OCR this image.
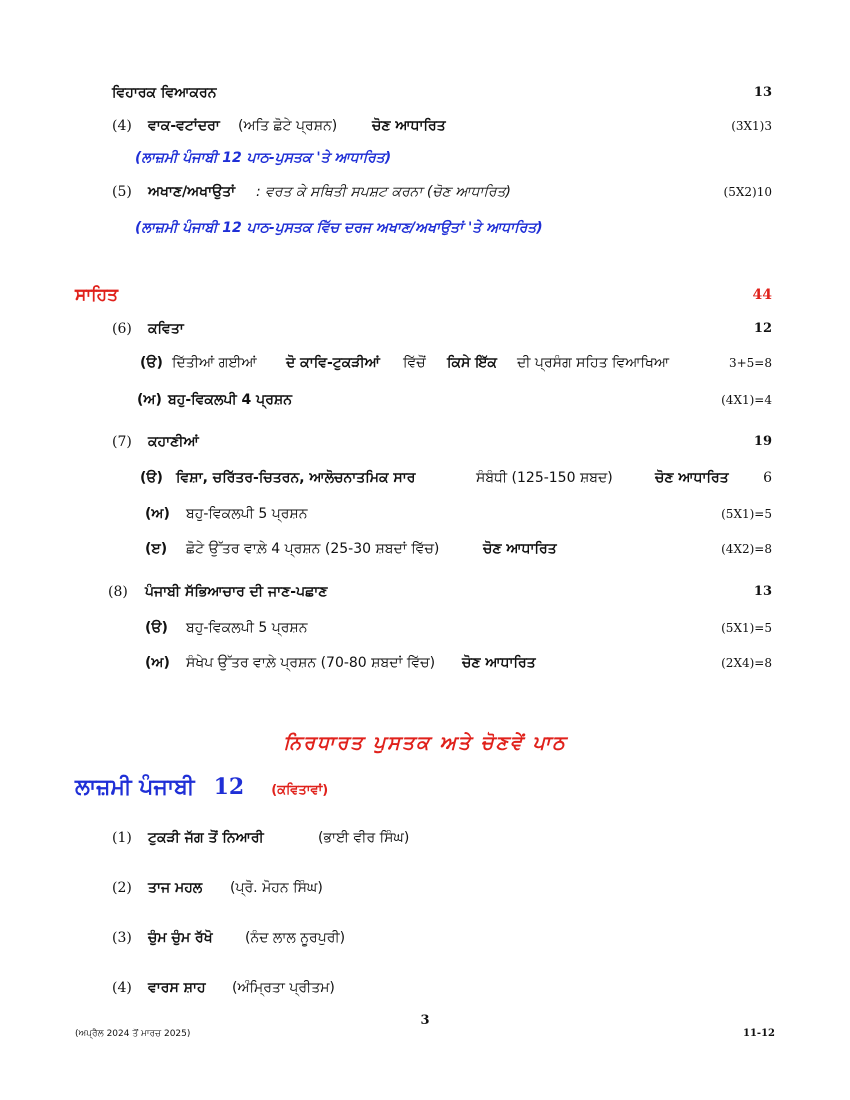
ਵਿਹਾਰਕ ਵਿਆਕਰਨ	13
(4) ਵਾਕ-ਵਟਾਂਦਰਾ (ਅਤਿ ਛੋਟੇ ਪ੍ਰਸ਼ਨ) ਚੋਣ ਆਧਾਰਿਤ	(3X1)3
(ਲਾਜ਼ਮੀ ਪੰਜਾਬੀ 12 ਪਾਠ-ਪੁਸਤਕ 'ਤੇ ਆਧਾਰਿਤ)
(5) ਅਖਾਣ/ਅਖਾਉਤਾਂ : ਵਰਤ ਕੇ ਸਥਿਤੀ ਸਪਸ਼ਟ ਕਰਨਾ (ਚੋਣ ਆਧਾਰਿਤ)	(5X2)10
(ਲਾਜ਼ਮੀ ਪੰਜਾਬੀ 12 ਪਾਠ-ਪੁਸਤਕ ਵਿੱਚ ਦਰਜ ਅਖਾਣ/ਅਖਾਉਤਾਂ 'ਤੇ ਆਧਾਰਿਤ)
ਸਾਹਿਤ	44
(6) ਕਵਿਤਾ	12
(ੳ) ਦਿੱਤੀਆਂ ਗਈਆਂ ਦੋ ਕਾਵਿ-ਟੁਕੜੀਆਂ ਵਿੱਚੋਂ ਕਿਸੇ ਇੱਕ ਦੀ ਪ੍ਰਸੰਗ ਸਹਿਤ ਵਿਆਖਿਆ	3+5=8
(ਅ) ਬਹੁ-ਵਿਕਲਪੀ 4 ਪ੍ਰਸ਼ਨ	(4X1)=4
(7) ਕਹਾਣੀਆਂ	19
(ੳ) ਵਿਸ਼ਾ, ਚਰਿੱਤਰ-ਚਿਤਰਨ, ਆਲੋਚਨਾਤਮਿਕ ਸਾਰ	ਸੰਬੰਧੀ (125-150 ਸ਼ਬਦ)	ਚੋਣ ਆਧਾਰਿਤ 6
(ਅ) ਬਹੁ-ਵਿਕਲਪੀ 5 ਪ੍ਰਸ਼ਨ	(5X1)=5
(ੲ) ਛੋਟੇ ਉੱਤਰ ਵਾਲ਼ੇ 4 ਪ੍ਰਸ਼ਨ (25-30 ਸ਼ਬਦਾਂ ਵਿੱਚ)	ਚੋਣ ਆਧਾਰਿਤ	(4X2)=8
(8) ਪੰਜਾਬੀ ਸੱਭਿਆਚਾਰ ਦੀ ਜਾਣ-ਪਛਾਣ	13
(ੳ) ਬਹੁ-ਵਿਕਲਪੀ 5 ਪ੍ਰਸ਼ਨ	(5X1)=5
(ਅ) ਸੰਖੇਪ ਉੱਤਰ ਵਾਲ਼ੇ ਪ੍ਰਸ਼ਨ (70-80 ਸ਼ਬਦਾਂ ਵਿੱਚ) ਚੋਣ ਆਧਾਰਿਤ	(2X4)=8
ਨਿਰਧਾਰਤ ਪੁਸਤਕ ਅਤੇ ਚੋਣਵੇਂ ਪਾਠ
ਲਾਜ਼ਮੀ ਪੰਜਾਬੀ 12 (ਕਵਿਤਾਵਾਂ)
(1) ਟੁਕੜੀ ਜੱਗ ਤੋਂ ਨਿਆਰੀ	(ਭਾਈ ਵੀਰ ਸਿੰਘ)
(2) ਤਾਜ ਮਹਲ (ਪ੍ਰੋ. ਮੋਹਨ ਸਿੰਘ)
(3) ਚੁੰਮ ਚੁੰਮ ਰੱਖੋ (ਨੰਦ ਲਾਲ ਨੂਰਪੁਰੀ)
(4) ਵਾਰਸ ਸ਼ਾਹ (ਅੰਮ੍ਰਿਤਾ ਪ੍ਰੀਤਮ)
3
(ਅਪ੍ਰੈਲ 2024 ਤੋਂ ਮਾਰਚ 2025)	11-12
